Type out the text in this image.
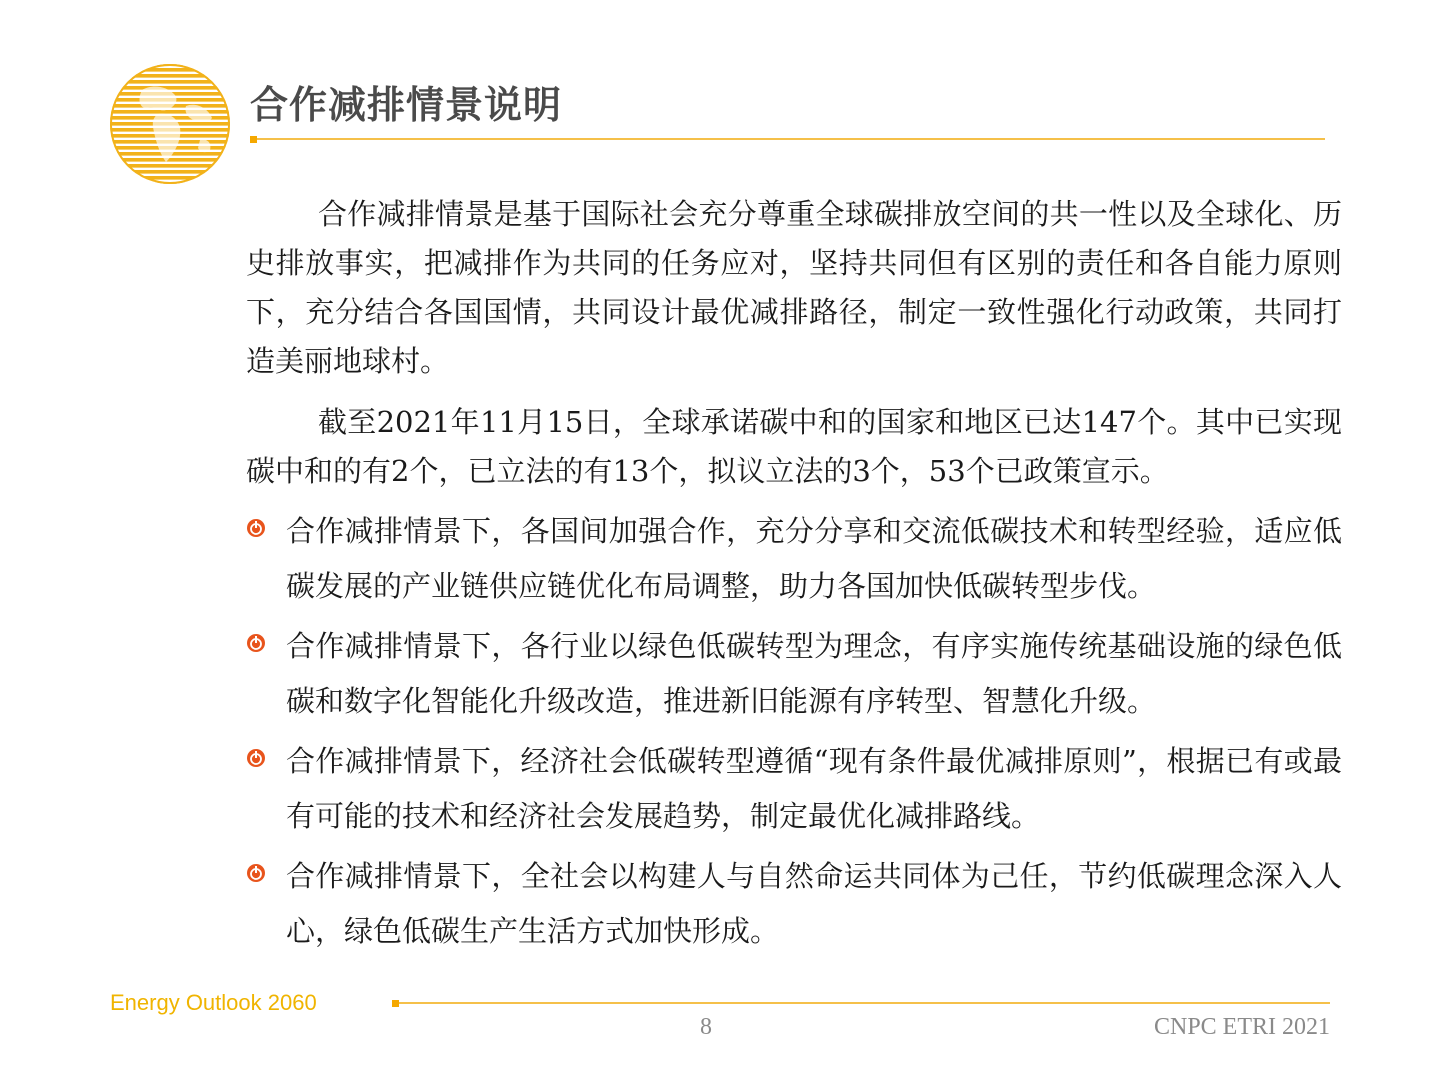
合作减排情景说明

合作减排情景是基于国际社会充分尊重全球碳排放空间的共一性以及全球化、历史排放事实，把减排作为共同的任务应对，坚持共同但有区别的责任和各自能力原则下，充分结合各国国情，共同设计最优减排路径，制定一致性强化行动政策，共同打造美丽地球村。

截至2021年11月15日，全球承诺碳中和的国家和地区已达147个。其中已实现碳中和的有2个，已立法的有13个，拟议立法的3个，53个已政策宣示。

合作减排情景下，各国间加强合作，充分分享和交流低碳技术和转型经验，适应低碳发展的产业链供应链优化布局调整，助力各国加快低碳转型步伐。

合作减排情景下，各行业以绿色低碳转型为理念，有序实施传统基础设施的绿色低碳和数字化智能化升级改造，推进新旧能源有序转型、智慧化升级。

合作减排情景下，经济社会低碳转型遵循“现有条件最优减排原则”，根据已有或最有可能的技术和经济社会发展趋势，制定最优化减排路线。

合作减排情景下，全社会以构建人与自然命运共同体为己任，节约低碳理念深入人心，绿色低碳生产生活方式加快形成。

Energy Outlook 2060
8	CNPC ETRI 2021
